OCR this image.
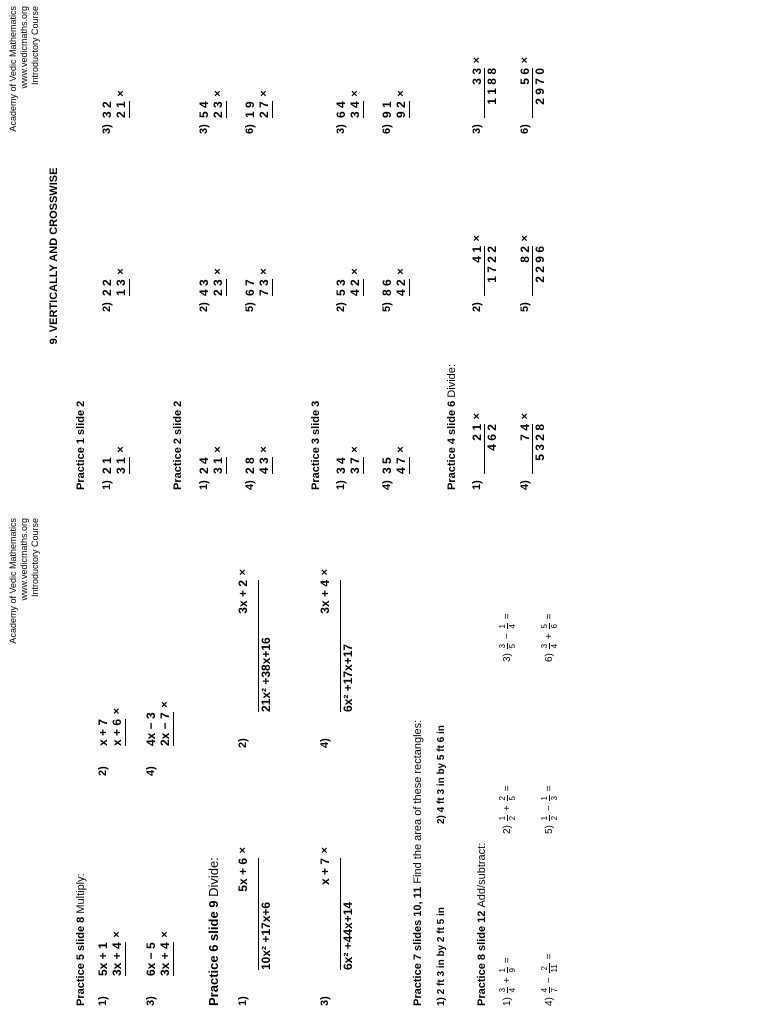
Academy of Vedic Mathematics www.vedicmaths.org Introductory Course
9. VERTICALLY AND CROSSWISE
Practice 1 slide 2 1)
2 1 3 1
×
2)
2 2 1 3
×
3)
3 2 2 1
×
Practice 2 slide 2 1)
2 4 3 1
×
2)
4 3 2 3
×
3)
5 4 2 3
×
4)
2 8 4 3
×
5)
6 7 7 3
×
6)
1 9 2 7
×
Practice 3 slide 3 1)
3 4 3 7
×
2)
5 3 4 2
×
3)
6 4 3 4
×
4)
3 5 4 7
×
5)
8 6 4 2
×
6)
9 1 9 2
×
Practice 4 slide 6 Divide:
1)
2 1
×
4 6 2
2)
4 1
×
1 7 2 2
3)
3 3
×
1 1 8 8
4)
7 4
×
5 3 2 8
5)
8 2
×
2 2 9 6
6)
5 6
×
2 9 7 0
Academy of Vedic Mathematics www.vedicmaths.org Introductory Course
Practice 5 slide 8 Multiply:
1)
5x + 1 3x + 4
×
2)
x + 7 x + 6
×
3)
6x − 5 3x + 4
×
4)
4x − 3 2x − 7
×
Practice 6 slide 9 Divide:
1)
5x + 6
×
10x² +17x+6
2)
3x + 2
×
21x² +38x+16
3)
x + 7
×
6x² +44x+14
4)
3x + 4
×
6x² +17x+17
Practice 7 slides 10, 11 Find the area of these rectangles:
1) 2 ft 3 in by 2 ft 5 in
2) 4 ft 3 in by 5 ft 6 in
Practice 8 slide 12 Add/subtract:
1)
3 4
+
1 9
=
2)
1 2
+
2 5
=
3)
3 5
−
1 4
=
4)
4 7
−
2 11
=
5)
1 2
−
1 3
=
6)
3 4
+
5 6
=
